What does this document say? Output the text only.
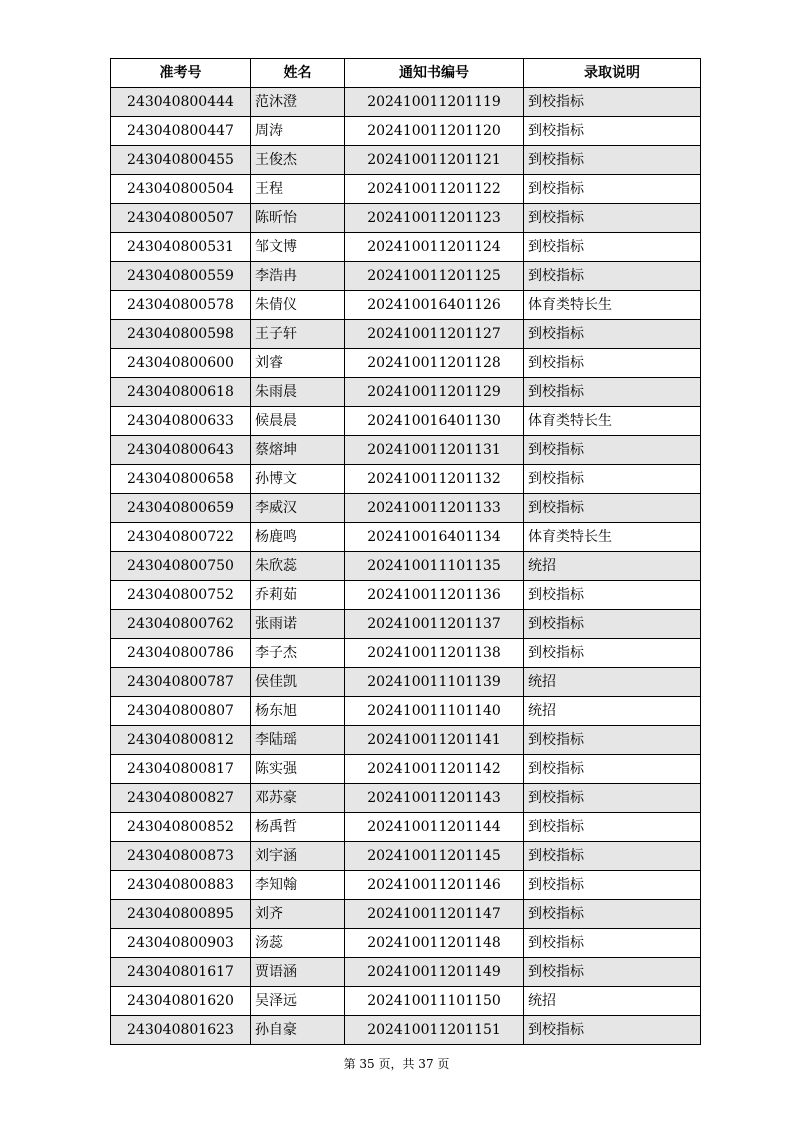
准考号	姓名	通知书编号	录取说明
243040800444	范沐澄	202410011201119	到校指标
243040800447	周涛	202410011201120	到校指标
243040800455	王俊杰	202410011201121	到校指标
243040800504	王程	202410011201122	到校指标
243040800507	陈昕怡	202410011201123	到校指标
243040800531	邹文博	202410011201124	到校指标
243040800559	李浩冉	202410011201125	到校指标
243040800578	朱倩仪	202410016401126	体育类特长生
243040800598	王子轩	202410011201127	到校指标
243040800600	刘睿	202410011201128	到校指标
243040800618	朱雨晨	202410011201129	到校指标
243040800633	候晨晨	202410016401130	体育类特长生
243040800643	蔡熔坤	202410011201131	到校指标
243040800658	孙博文	202410011201132	到校指标
243040800659	李威汉	202410011201133	到校指标
243040800722	杨鹿鸣	202410016401134	体育类特长生
243040800750	朱欣蕊	202410011101135	统招
243040800752	乔莉茹	202410011201136	到校指标
243040800762	张雨诺	202410011201137	到校指标
243040800786	李子杰	202410011201138	到校指标
243040800787	侯佳凯	202410011101139	统招
243040800807	杨东旭	202410011101140	统招
243040800812	李陆瑶	202410011201141	到校指标
243040800817	陈实强	202410011201142	到校指标
243040800827	邓苏豪	202410011201143	到校指标
243040800852	杨禹哲	202410011201144	到校指标
243040800873	刘宇涵	202410011201145	到校指标
243040800883	李知翰	202410011201146	到校指标
243040800895	刘齐	202410011201147	到校指标
243040800903	汤蕊	202410011201148	到校指标
243040801617	贾语涵	202410011201149	到校指标
243040801620	吴泽远	202410011101150	统招
243040801623	孙自豪	202410011201151	到校指标
第 35 页，共 37 页
